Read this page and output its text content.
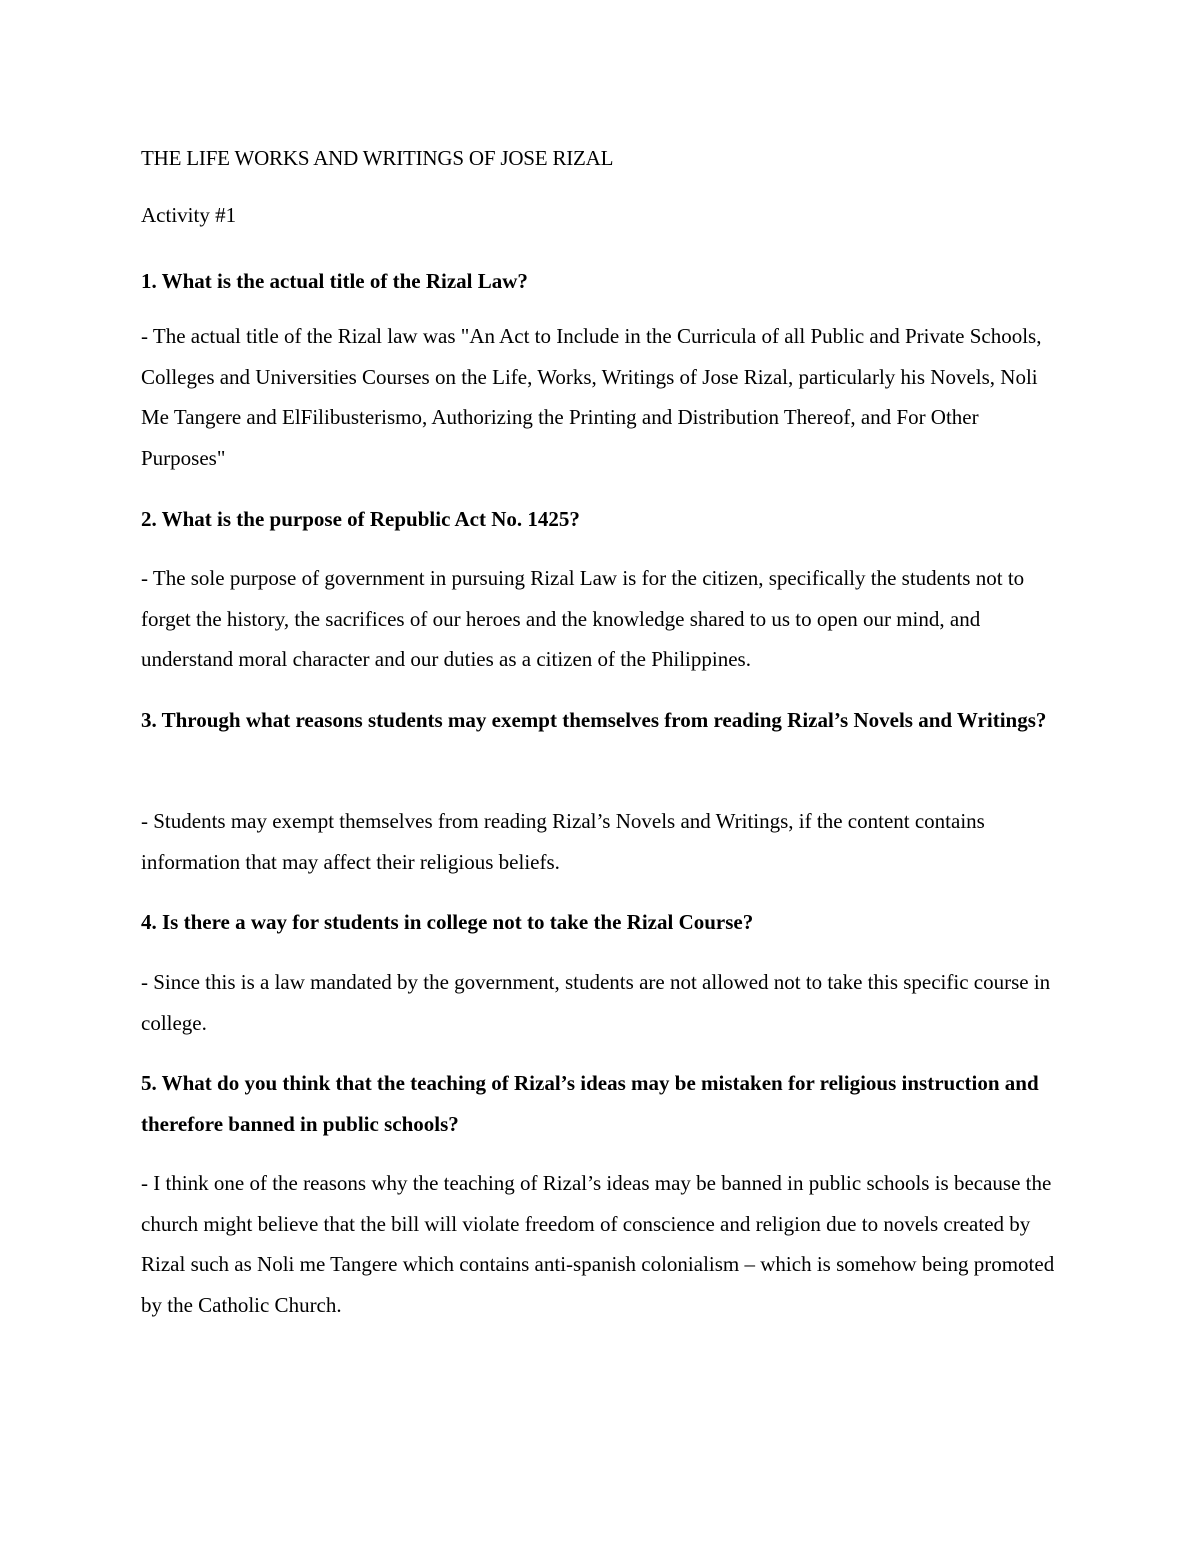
THE LIFE WORKS AND WRITINGS OF JOSE RIZAL
Activity #1
1. What is the actual title of the Rizal Law?
- The actual title of the Rizal law was "An Act to Include in the Curricula of all Public and Private Schools, Colleges and Universities Courses on the Life, Works, Writings of Jose Rizal, particularly his Novels, Noli Me Tangere and ElFilibusterismo, Authorizing the Printing and Distribution Thereof, and For Other Purposes"
2. What is the purpose of Republic Act No. 1425?
- The sole purpose of government in pursuing Rizal Law is for the citizen, specifically the students not to forget the history, the sacrifices of our heroes and the knowledge shared to us to open our mind, and understand moral character and our duties as a citizen of the Philippines.
3. Through what reasons students may exempt themselves from reading Rizal’s Novels and Writings?
- Students may exempt themselves from reading Rizal’s Novels and Writings, if the content contains information that may affect their religious beliefs.
4. Is there a way for students in college not to take the Rizal Course?
- Since this is a law mandated by the government, students are not allowed not to take this specific course in college.
5. What do you think that the teaching of Rizal’s ideas may be mistaken for religious instruction and therefore banned in public schools?
- I think one of the reasons why the teaching of Rizal’s ideas may be banned in public schools is because the church might believe that the bill will violate freedom of conscience and religion due to novels created by Rizal such as Noli me Tangere which contains anti-spanish colonialism – which is somehow being promoted by the Catholic Church.
